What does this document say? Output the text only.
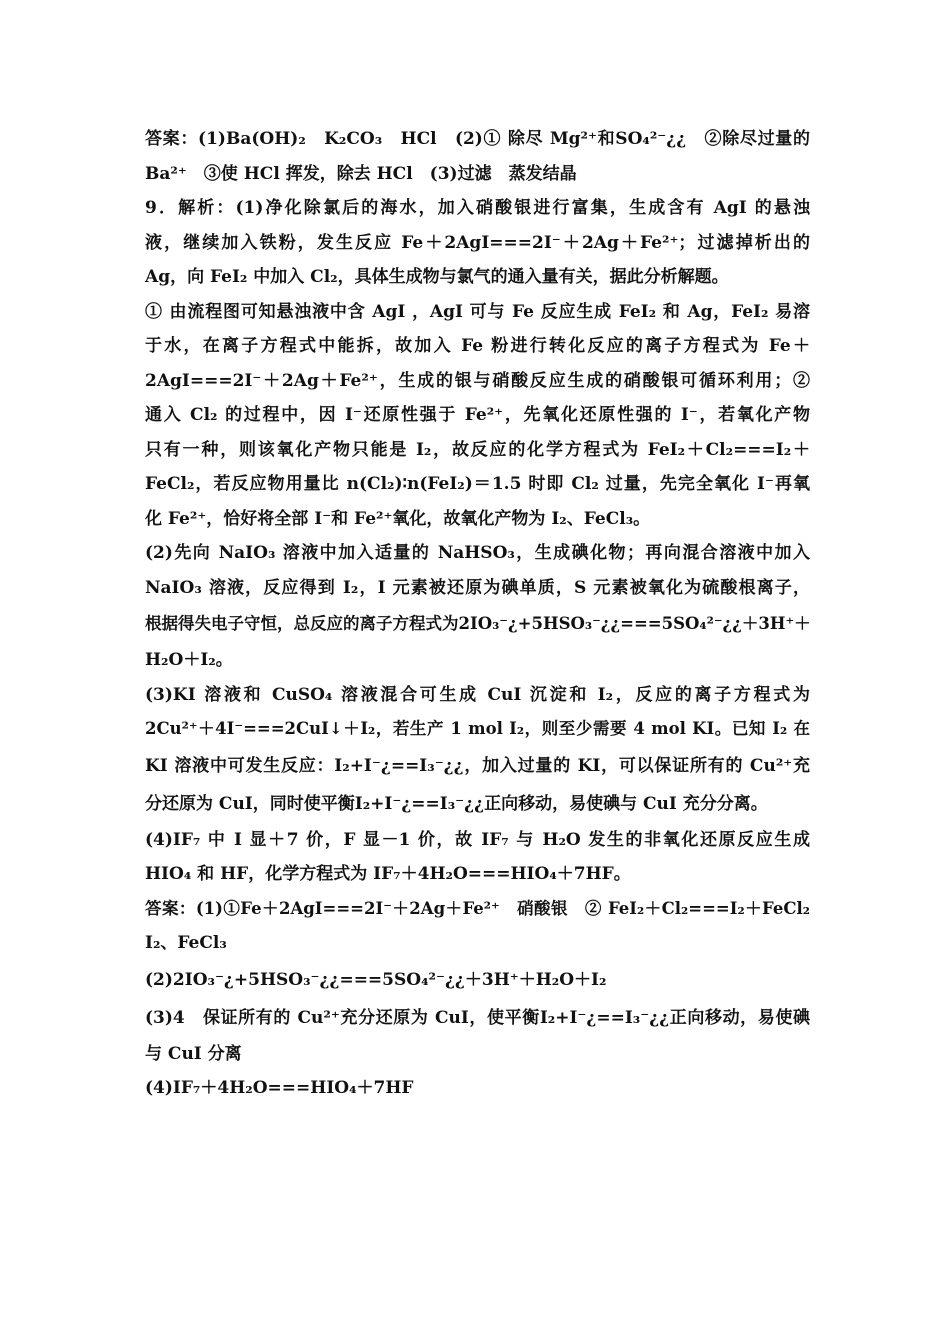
答案：(1)Ba(OH)₂　K₂CO₃　HCl　(2)① 除尽 Mg²⁺和SO₄²⁻¿¿　②除尽过量的
Ba²⁺　③使 HCl 挥发，除去 HCl　(3)过滤　蒸发结晶
9．解析：(1)净化除氯后的海水，加入硝酸银进行富集，生成含有 AgI 的悬浊
液，继续加入铁粉，发生反应 Fe＋2AgI===2I⁻＋2Ag＋Fe²⁺；过滤掉析出的
Ag，向 FeI₂ 中加入 Cl₂，具体生成物与氯气的通入量有关，据此分析解题。
① 由流程图可知悬浊液中含 AgI ，AgI 可与 Fe 反应生成 FeI₂ 和 Ag，FeI₂ 易溶
于水，在离子方程式中能拆，故加入 Fe 粉进行转化反应的离子方程式为 Fe＋
2AgI===2I⁻＋2Ag＋Fe²⁺，生成的银与硝酸反应生成的硝酸银可循环利用；②
通入 Cl₂ 的过程中，因 I⁻还原性强于 Fe²⁺，先氧化还原性强的 I⁻，若氧化产物
只有一种，则该氧化产物只能是 I₂，故反应的化学方程式为 FeI₂＋Cl₂===I₂＋
FeCl₂，若反应物用量比 n(Cl₂)∶n(FeI₂)＝1.5 时即 Cl₂ 过量，先完全氧化 I⁻再氧
化 Fe²⁺，恰好将全部 I⁻和 Fe²⁺氧化，故氧化产物为 I₂、FeCl₃。
(2)先向 NaIO₃ 溶液中加入适量的 NaHSO₃，生成碘化物；再向混合溶液中加入
NaIO₃ 溶液，反应得到 I₂，I 元素被还原为碘单质，S 元素被氧化为硫酸根离子，
根据得失电子守恒，总反应的离子方程式为2IO₃⁻¿+5HSO₃⁻¿¿===5SO₄²⁻¿¿＋3H⁺＋
H₂O＋I₂。
(3)KI 溶液和 CuSO₄ 溶液混合可生成 CuI 沉淀和 I₂，反应的离子方程式为
2Cu²⁺＋4I⁻===2CuI↓＋I₂，若生产 1 mol I₂，则至少需要 4 mol KI。已知 I₂ 在
KI 溶液中可发生反应：I₂+I⁻¿==I₃⁻¿¿，加入过量的 KI，可以保证所有的 Cu²⁺充
分还原为 CuI，同时使平衡I₂+I⁻¿==I₃⁻¿¿正向移动，易使碘与 CuI 充分分离。
(4)IF₇ 中 I 显＋7 价，F 显－1 价，故 IF₇ 与 H₂O 发生的非氧化还原反应生成
HIO₄ 和 HF，化学方程式为 IF₇＋4H₂O===HIO₄＋7HF。
答案：(1)①Fe＋2AgI===2I⁻＋2Ag＋Fe²⁺　硝酸银　② FeI₂＋Cl₂===I₂＋FeCl₂
I₂、FeCl₃
(2)2IO₃⁻¿+5HSO₃⁻¿¿===5SO₄²⁻¿¿＋3H⁺＋H₂O＋I₂
(3)4　保证所有的 Cu²⁺充分还原为 CuI，使平衡I₂+I⁻¿==I₃⁻¿¿正向移动，易使碘
与 CuI 分离
(4)IF₇＋4H₂O===HIO₄＋7HF
